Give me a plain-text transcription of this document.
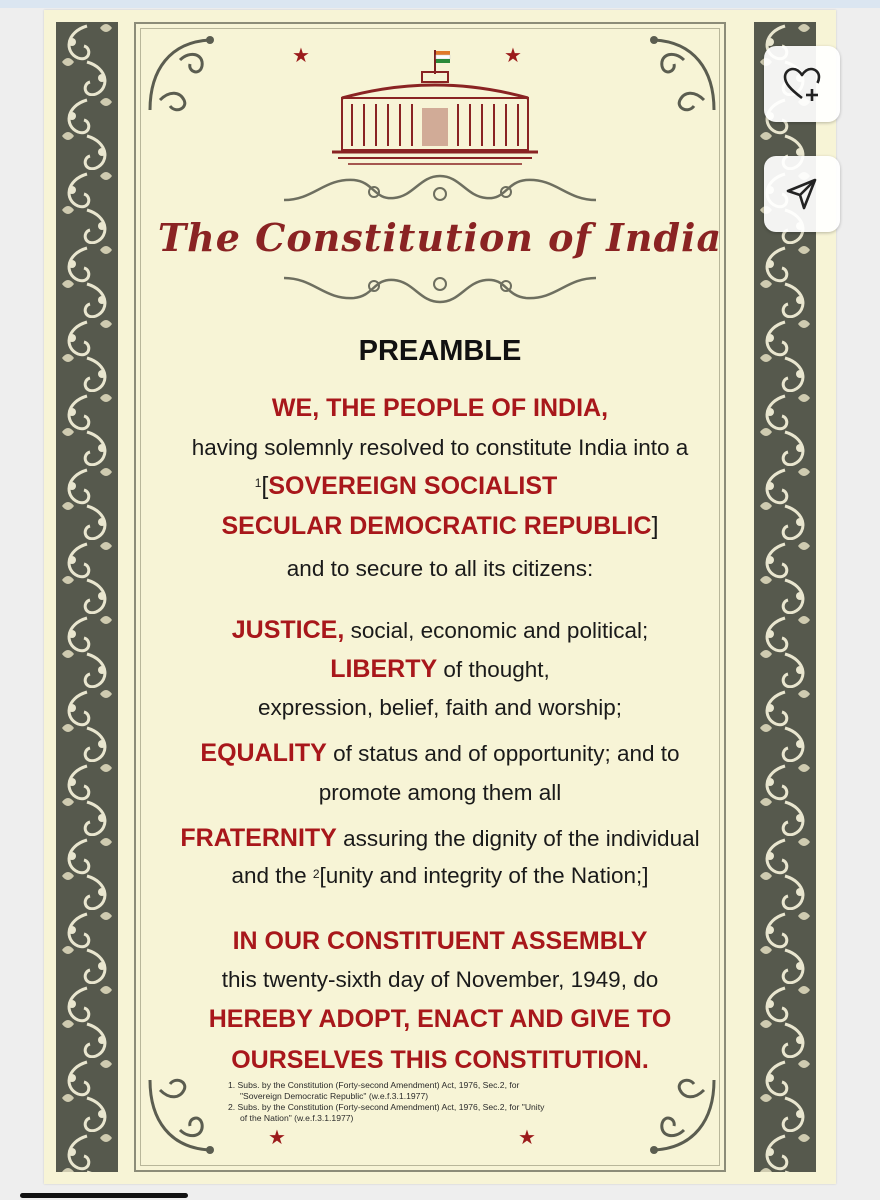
★	★
★	★
The Constitution of India
PREAMBLE
WE, THE PEOPLE OF INDIA,
having solemnly resolved to constitute India into a
$^1$[SOVEREIGN SOCIALIST
SECULAR DEMOCRATIC REPUBLIC]
and to secure to all its citizens:
JUSTICE, social, economic and political;
LIBERTY of thought,
expression, belief, faith and worship;
EQUALITY of status and of opportunity; and to
promote among them all
FRATERNITY assuring the dignity of the individual
and the $^2$[unity and integrity of the Nation;]
IN OUR CONSTITUENT ASSEMBLY
this twenty-sixth day of November, 1949, do
HEREBY ADOPT, ENACT AND GIVE TO
OURSELVES THIS CONSTITUTION.
1. Subs. by the Constitution (Forty-second Amendment) Act, 1976, Sec.2, for
"Sovereign Democratic Republic" (w.e.f.3.1.1977)
2. Subs. by the Constitution (Forty-second Amendment) Act, 1976, Sec.2, for "Unity
of the Nation" (w.e.f.3.1.1977)
